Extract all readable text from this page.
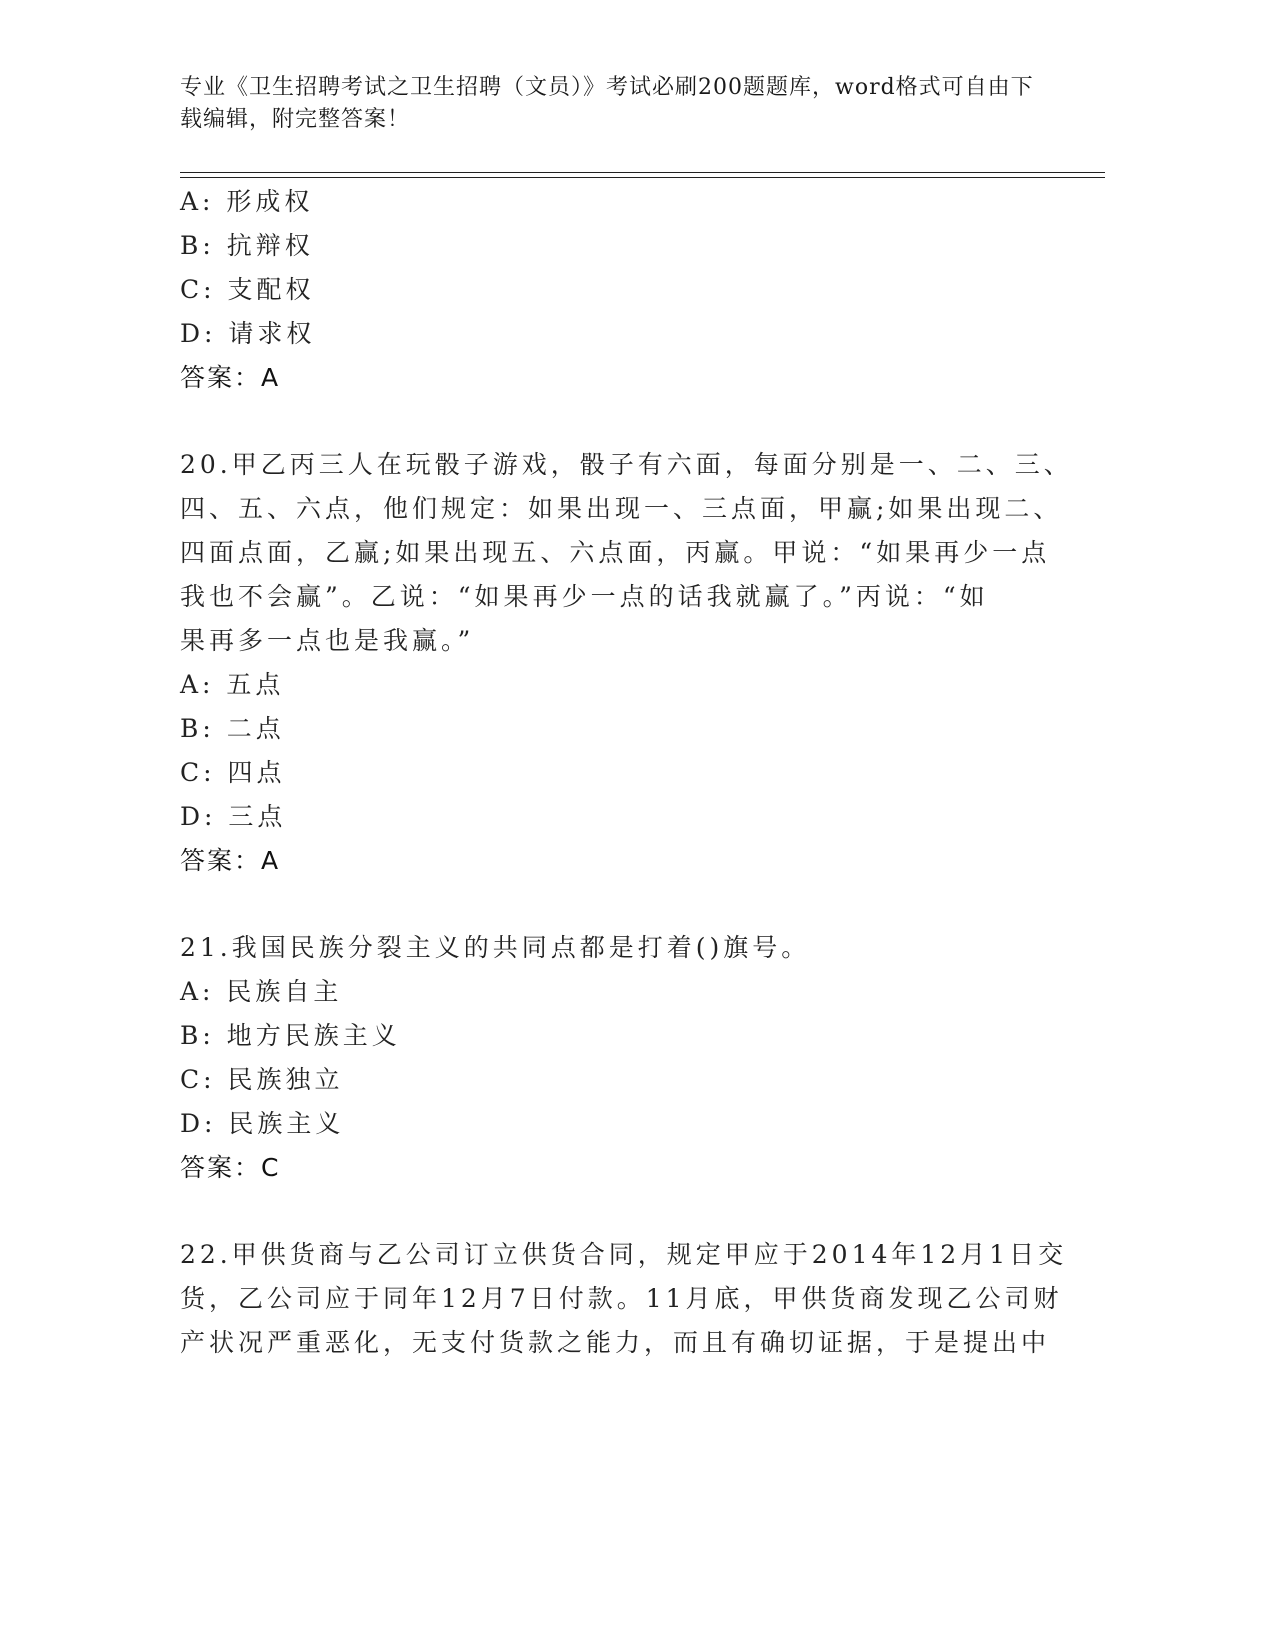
专业《卫生招聘考试之卫生招聘（文员）》考试必刷200题题库，word格式可自由下载编辑，附完整答案！
A: 形成权
B: 抗辩权
C: 支配权
D: 请求权
答案：A
20.甲乙丙三人在玩骰子游戏，骰子有六面，每面分别是一、二、三、
四、五、六点，他们规定：如果出现一、三点面，甲赢;如果出现二、
四面点面，乙赢;如果出现五、六点面，丙赢。甲说：“如果再少一点
我也不会赢”。乙说：“如果再少一点的话我就赢了。”丙说：“如
果再多一点也是我赢。”
A: 五点
B: 二点
C: 四点
D: 三点
答案：A
21.我国民族分裂主义的共同点都是打着()旗号。
A: 民族自主
B: 地方民族主义
C: 民族独立
D: 民族主义
答案：C
22.甲供货商与乙公司订立供货合同，规定甲应于2014年12月1日交
货，乙公司应于同年12月7日付款。11月底，甲供货商发现乙公司财
产状况严重恶化，无支付货款之能力，而且有确切证据，于是提出中
